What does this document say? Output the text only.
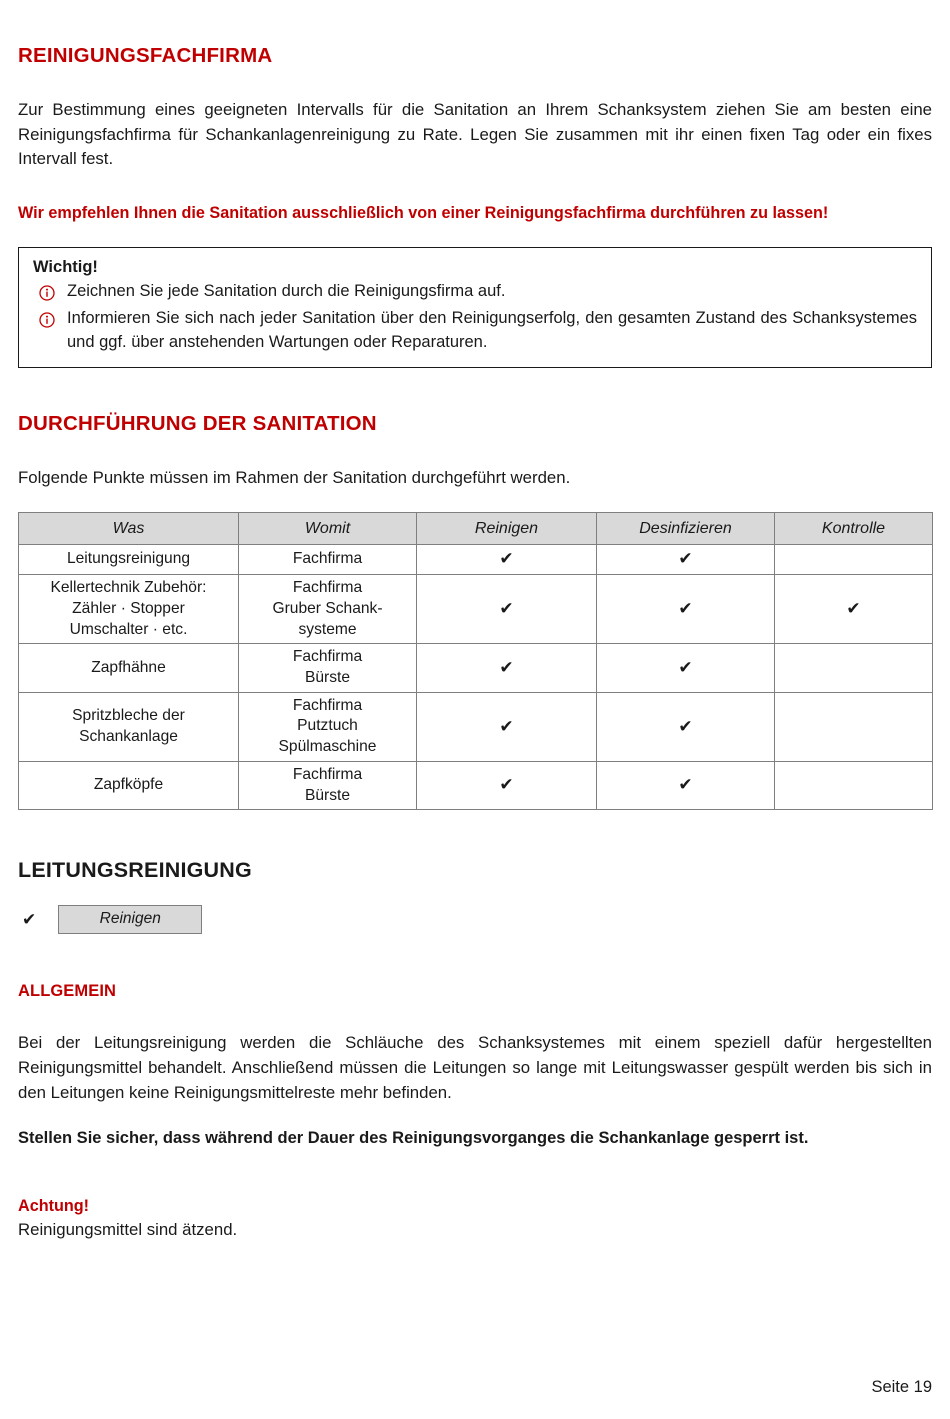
REINIGUNGSFACHFIRMA

Zur Bestimmung eines geeigneten Intervalls für die Sanitation an Ihrem Schanksystem ziehen Sie am besten eine Reinigungsfachfirma für Schankanlagenreinigung zu Rate. Legen Sie zusammen mit ihr einen fixen Tag oder ein fixes Intervall fest.

Wir empfehlen Ihnen die Sanitation ausschließlich von einer Reinigungsfachfirma durchführen zu lassen!

Wichtig!
Zeichnen Sie jede Sanitation durch die Reinigungsfirma auf.
Informieren Sie sich nach jeder Sanitation über den Reinigungserfolg, den gesamten Zustand des Schanksystemes und ggf. über anstehenden Wartungen oder Reparaturen.
DURCHFÜHRUNG DER SANITATION

Folgende Punkte müssen im Rahmen der Sanitation durchgeführt werden.

Was	Womit	Reinigen	Desinfizieren	Kontrolle
Leitungsreinigung	Fachfirma	✔	✔	
Kellertechnik Zubehör:
Zähler · Stopper
Umschalter · etc.	Fachfirma
Gruber Schank-
systeme	✔	✔	✔
Zapfhähne	Fachfirma
Bürste	✔	✔	
Spritzbleche der
Schankanlage	Fachfirma
Putztuch
Spülmaschine	✔	✔	
Zapfköpfe	Fachfirma
Bürste	✔	✔	
LEITUNGSREINIGUNG
✔	Reinigen
ALLGEMEIN

Bei der Leitungsreinigung werden die Schläuche des Schanksystemes mit einem speziell dafür hergestellten Reinigungsmittel behandelt. Anschließend müssen die Leitungen so lange mit Leitungswasser gespült werden bis sich in den Leitungen keine Reinigungsmittelreste mehr befinden.

Stellen Sie sicher, dass während der Dauer des Reinigungsvorganges die Schankanlage gesperrt ist.

Achtung!

Reinigungsmittel sind ätzend.

Seite 19
